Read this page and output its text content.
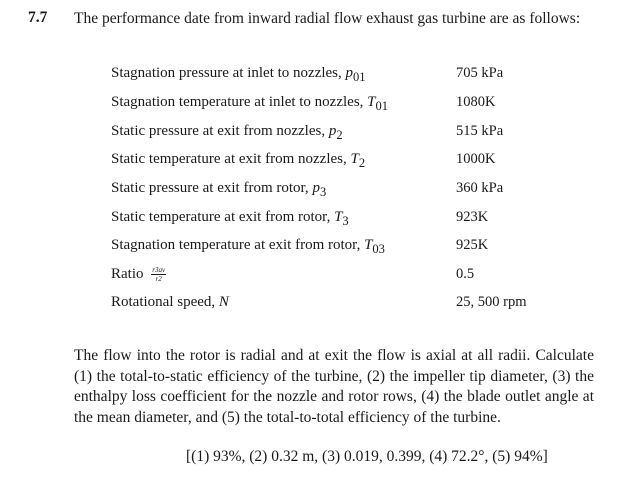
7.7 The performance date from inward radial flow exhaust gas turbine are as follows:
Stagnation pressure at inlet to nozzles, $p_{01}$	705 kPa
Stagnation temperature at inlet to nozzles, $T_{01}$	1080K
Static pressure at exit from nozzles, $p_2$	515 kPa
Static temperature at exit from nozzles, $T_2$	1000K
Static pressure at exit from rotor, $p_3$	360 kPa
Static temperature at exit from rotor, $T_3$	923K
Stagnation temperature at exit from rotor, $T_{03}$	925K
Ratio $\frac{r3av}{r2}$	0.5
Rotational speed, N	25, 500 rpm
The flow into the rotor is radial and at exit the flow is axial at all radii. Calculate (1) the total-to-static efficiency of the turbine, (2) the impeller tip diameter, (3) the enthalpy loss coefficient for the nozzle and rotor rows, (4) the blade outlet angle at the mean diameter, and (5) the total-to-total efficiency of the turbine.
[(1) 93%, (2) 0.32 m, (3) 0.019, 0.399, (4) 72.2°, (5) 94%]
